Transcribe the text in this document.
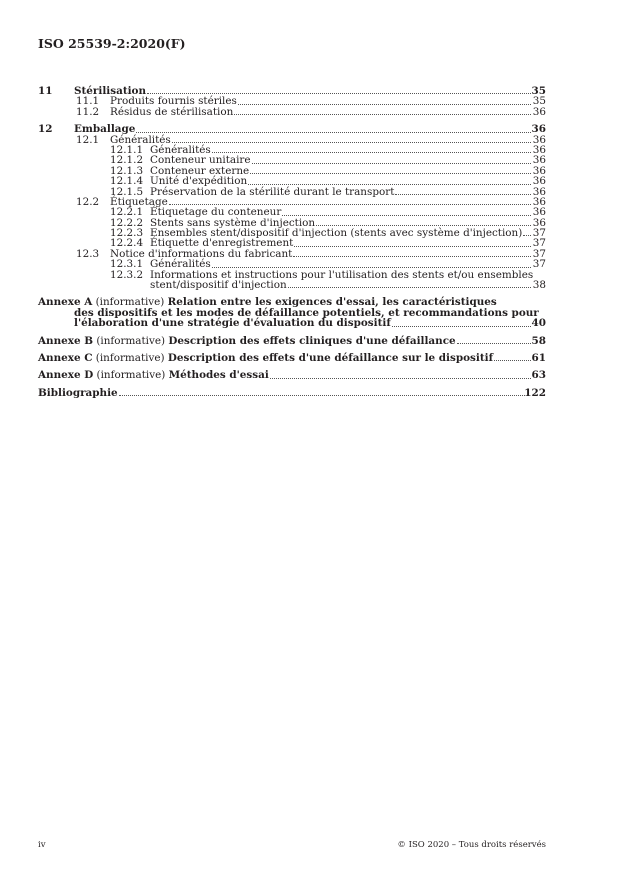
ISO 25539-2:2020(F)
11 Stérilisation	35
11.1 Produits fournis stériles	35
11.2 Résidus de stérilisation	36
12 Emballage	36
12.1 Généralités	36
12.1.1 Généralités	36
12.1.2 Conteneur unitaire	36
12.1.3 Conteneur externe	36
12.1.4 Unité d'expédition	36
12.1.5 Préservation de la stérilité durant le transport	36
12.2 Étiquetage	36
12.2.1 Étiquetage du conteneur	36
12.2.2 Stents sans système d'injection	36
12.2.3 Ensembles stent/dispositif d'injection (stents avec système d'injection) 37
12.2.4 Étiquette d'enregistrement	37
12.3 Notice d'informations du fabricant	37
12.3.1 Généralités	37
12.3.2 Informations et instructions pour l'utilisation des stents et/ou ensembles
stent/dispositif d'injection	38
Annexe A (informative) Relation entre les exigences d'essai, les caractéristiques
des dispositifs et les modes de défaillance potentiels, et recommandations pour
l'élaboration d'une stratégie d'évaluation du dispositif	40
Annexe B (informative) Description des effets cliniques d'une défaillance	58
Annexe C (informative) Description des effets d'une défaillance sur le dispositif	61
Annexe D (informative) Méthodes d'essai	63
Bibliographie	122
iv	© ISO 2020 – Tous droits réservés
